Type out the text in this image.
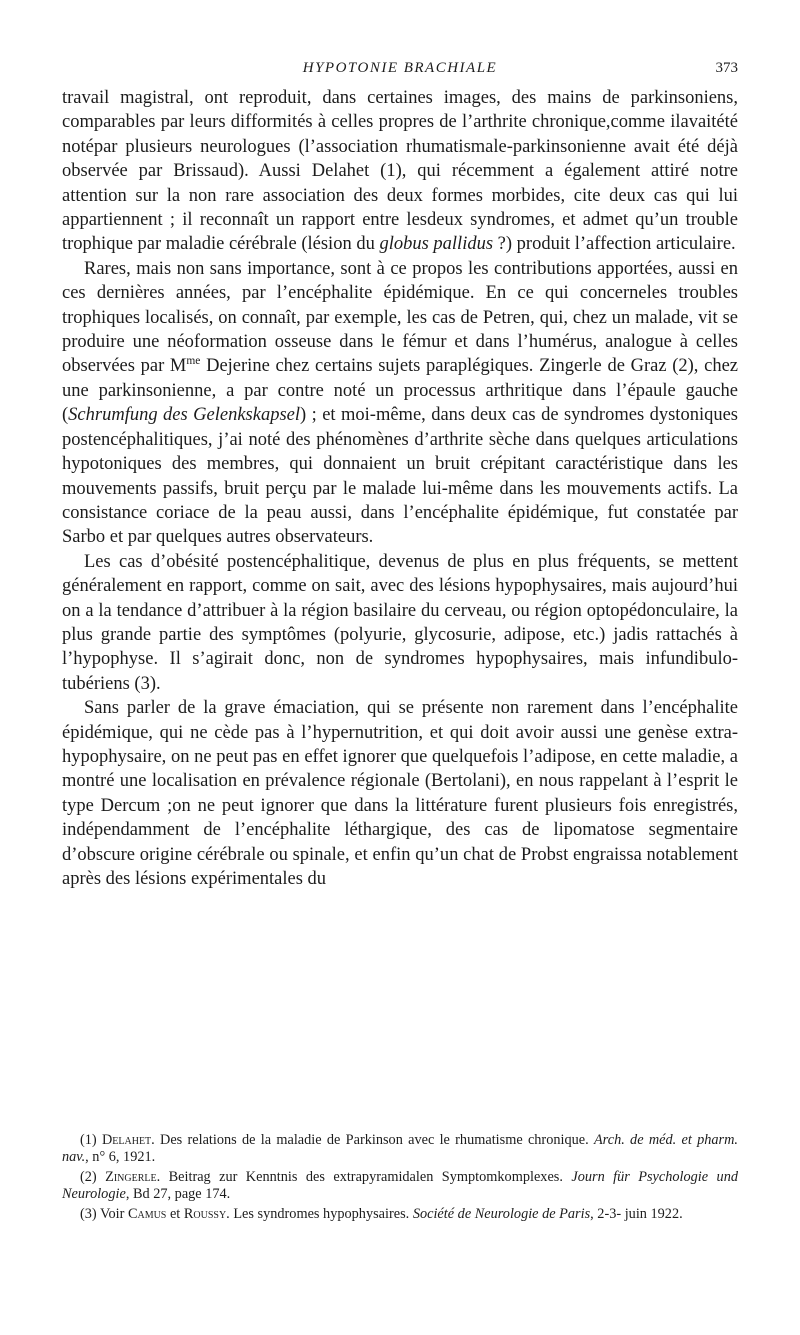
HYPOTONIE BRACHIALE	373

travail magistral, ont reproduit, dans certaines images, des mains de parkinsoniens, comparables par leurs difformités à celles propres de l’arthrite chronique,comme ilavaitété notépar plusieurs neurologues (l’association rhumatismale-parkinsonienne avait été déjà observée par Brissaud). Aussi Delahet (1), qui récemment a également attiré notre attention sur la non rare association des deux formes morbides, cite deux cas qui lui appartiennent ; il reconnaît un rapport entre lesdeux syndromes, et admet qu’un trouble trophique par maladie cérébrale (lésion du globus pallidus ?) produit l’affection articulaire.

Rares, mais non sans importance, sont à ce propos les contributions apportées, aussi en ces dernières années, par l’encéphalite épidémique. En ce qui concerneles troubles trophiques localisés, on connaît, par exemple, les cas de Petren, qui, chez un malade, vit se produire une néoformation osseuse dans le fémur et dans l’humérus, analogue à celles observées par $M^{me}$ Dejerine chez certains sujets paraplégiques. Zingerle de Graz (2), chez une parkinsonienne, a par contre noté un processus arthritique dans l’épaule gauche (Schrumfung des Gelenkskapsel) ; et moi-même, dans deux cas de syndromes dystoniques postencéphalitiques, j’ai noté des phénomènes d’arthrite sèche dans quelques articulations hypotoniques des membres, qui donnaient un bruit crépitant caractéristique dans les mouvements passifs, bruit perçu par le malade lui-même dans les mouvements actifs. La consistance coriace de la peau aussi, dans l’encéphalite épidémique, fut constatée par Sarbo et par quelques autres observateurs.

Les cas d’obésité postencéphalitique, devenus de plus en plus fréquents, se mettent généralement en rapport, comme on sait, avec des lésions hypophysaires, mais aujourd’hui on a la tendance d’attribuer à la région basilaire du cerveau, ou région optopédonculaire, la plus grande partie des symptômes (polyurie, glycosurie, adipose, etc.) jadis rattachés à l’hypophyse. Il s’agirait donc, non de syndromes hypophysaires, mais infundibulo-tubériens (3).

Sans parler de la grave émaciation, qui se présente non rarement dans l’encéphalite épidémique, qui ne cède pas à l’hypernutrition, et qui doit avoir aussi une genèse extra-hypophysaire, on ne peut pas en effet ignorer que quelquefois l’adipose, en cette maladie, a montré une localisation en prévalence régionale (Bertolani), en nous rappelant à l’esprit le type Dercum ;on ne peut ignorer que dans la littérature furent plusieurs fois enregistrés, indépendamment de l’encéphalite léthargique, des cas de lipomatose segmentaire d’obscure origine cérébrale ou spinale, et enfin qu’un chat de Probst engraissa notablement après des lésions expérimentales du

(1) Delahet. Des relations de la maladie de Parkinson avec le rhumatisme chronique. Arch. de méd. et pharm. nav., n° 6, 1921.

(2) Zingerle. Beitrag zur Kenntnis des extrapyramidalen Symptomkomplexes. Journ für Psychologie und Neurologie, Bd 27, page 174.

(3) Voir Camus et Roussy. Les syndromes hypophysaires. Société de Neurologie de Paris, 2-3- juin 1922.
